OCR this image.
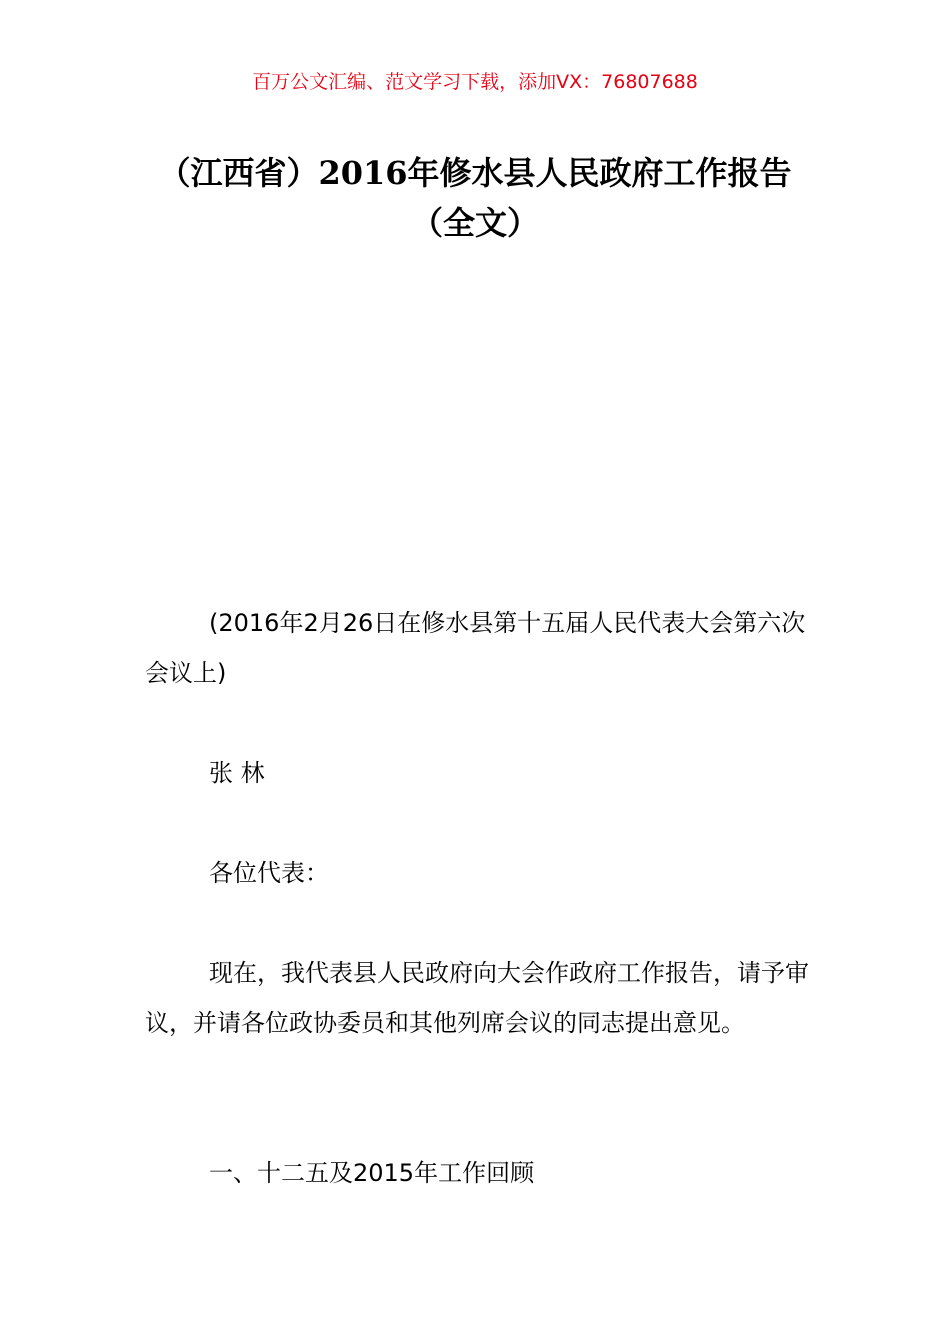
百万公文汇编、范文学习下载，添加VX：76807688
（江西省）2016年修水县人民政府工作报告（全文）

(2016年2月26日在修水县第十五届人民代表大会第六次会议上)

张 林

各位代表：

现在，我代表县人民政府向大会作政府工作报告，请予审议，并请各位政协委员和其他列席会议的同志提出意见。

一、十二五及2015年工作回顾
